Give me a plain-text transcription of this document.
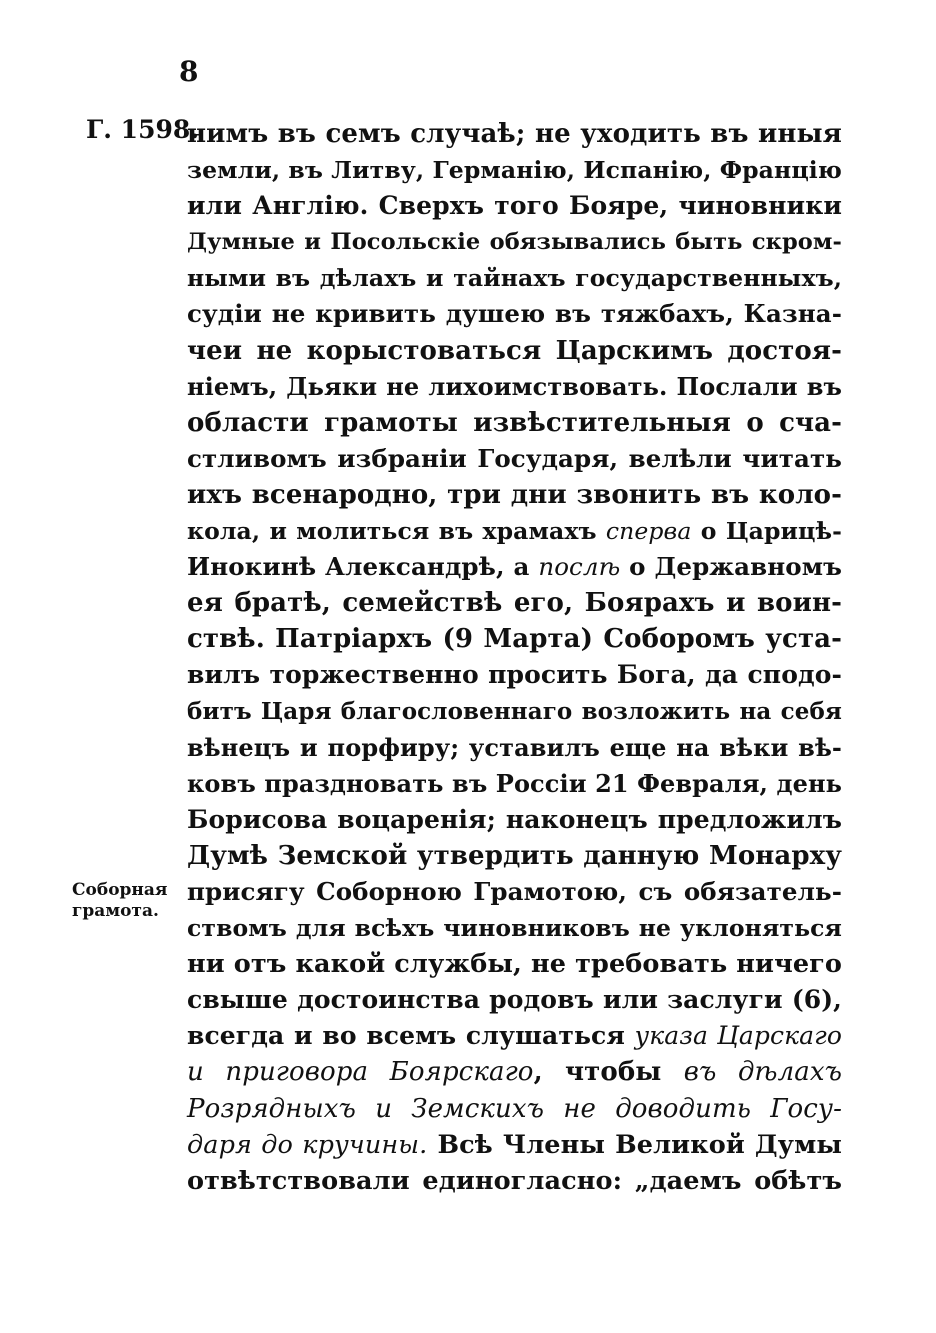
8
Г. 1598.
Соборная
грамота.
нимъ въ семъ случаѣ; не уходить въ иныя
земли, въ Литву, Германію, Испанію, Францію
или Англію. Сверхъ того Бояре, чиновники
Думные и Посольскіе обязывались быть скром-
ными въ дѣлахъ и тайнахъ государственныхъ,
судіи не кривить душею въ тяжбахъ, Казна-
чеи не корыстоваться Царскимъ достоя-
ніемъ, Дьяки не лихоимствовать. Послали въ
области грамоты извѣстительныя о сча-
стливомъ избраніи Государя, велѣли читать
ихъ всенародно, три дни звонить въ коло-
кола, и молиться въ храмахъ сперва о Царицѣ-
Инокинѣ Александрѣ, а послѣ о Державномъ
ея братѣ, семействѣ его, Боярахъ и воин-
ствѣ. Патріархъ (9 Марта) Соборомъ уста-
вилъ торжественно просить Бога, да сподо-
битъ Царя благословеннаго возложить на себя
вѣнецъ и порфиру; уставилъ еще на вѣки вѣ-
ковъ праздновать въ Россіи 21 Февраля, день
Борисова воцаренія; наконецъ предложилъ
Думѣ Земской утвердить данную Монарху
присягу Соборною Грамотою, съ обязатель-
ствомъ для всѣхъ чиновниковъ не уклоняться
ни отъ какой службы, не требовать ничего
свыше достоинства родовъ или заслуги (6),
всегда и во всемъ слушаться указа Царскаго
и приговора Боярскаго, чтобы въ дѣлахъ
Розрядныхъ и Земскихъ не доводить Госу-
даря до кручины. Всѣ Члены Великой Думы
отвѣтствовали единогласно: „даемъ обѣтъ
